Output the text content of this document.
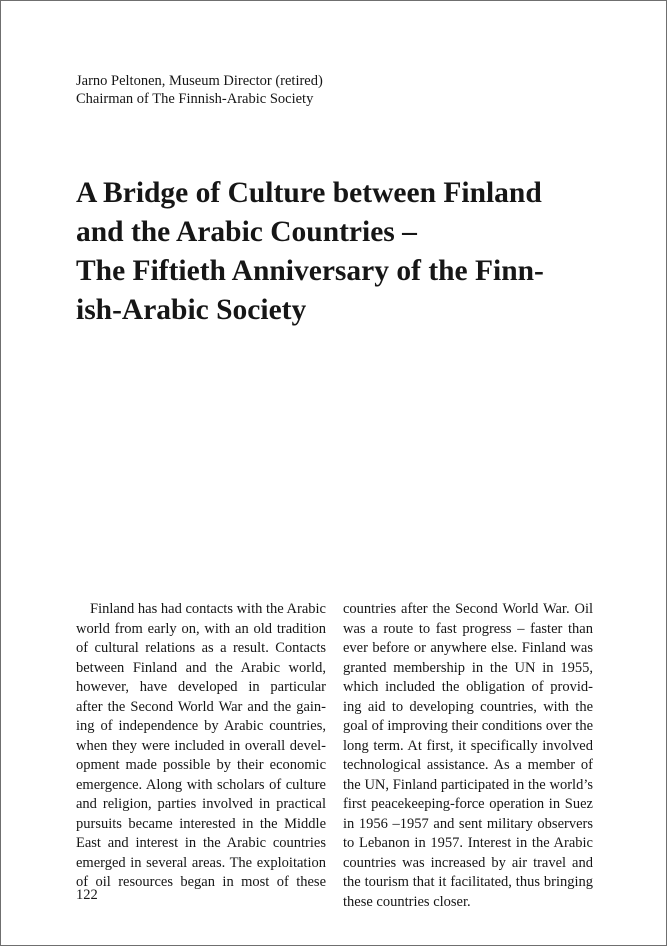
Jarno Peltonen, Museum Director (retired)
Chairman of The Finnish-Arabic Society
A Bridge of Culture between Finland
and the Arabic Countries –
The Fiftieth Anniversary of the Finn-
ish-Arabic Society
Finland has had contacts with the Arabic
world from early on, with an old tradition
of cultural relations as a result. Contacts
between Finland and the Arabic world,
however, have developed in particular
after the Second World War and the gain-
ing of independence by Arabic countries,
when they were included in overall devel-
opment made possible by their economic
emergence. Along with scholars of culture
and religion, parties involved in practical
pursuits became interested in the Middle
East and interest in the Arabic countries
emerged in several areas. The exploitation
of oil resources began in most of these
countries after the Second World War. Oil
was a route to fast progress – faster than
ever before or anywhere else. Finland was
granted membership in the UN in 1955,
which included the obligation of provid-
ing aid to developing countries, with the
goal of improving their conditions over the
long term. At first, it specifically involved
technological assistance. As a member of
the UN, Finland participated in the world’s
first peacekeeping-force operation in Suez
in 1956 –1957 and sent military observers
to Lebanon in 1957. Interest in the Arabic
countries was increased by air travel and
the tourism that it facilitated, thus bringing
these countries closer.
122
